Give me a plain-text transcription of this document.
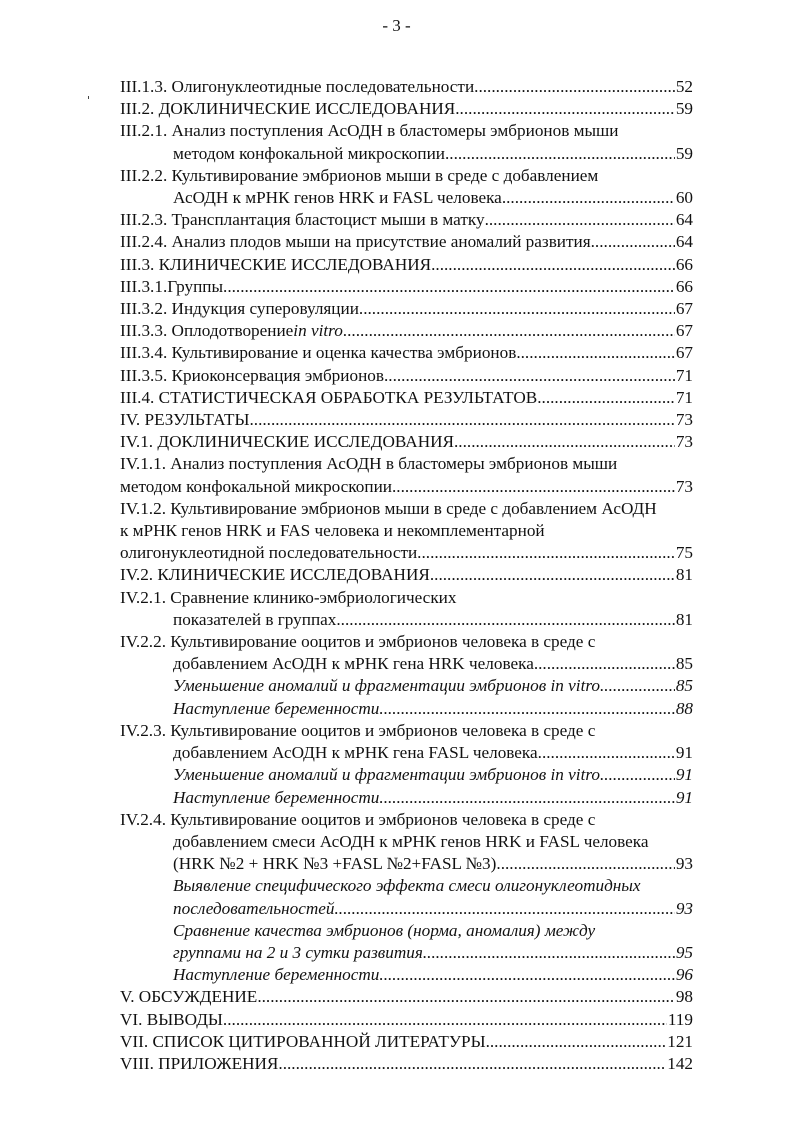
- 3 -
III.1.3. Олигонуклеотидные последовательности .....	52
III.2. ДОКЛИНИЧЕСКИЕ ИССЛЕДОВАНИЯ .....	59
III.2.1. Анализ поступления АсОДН в бластомеры эмбрионов мыши
методом конфокальной микроскопии .....	59
III.2.2. Культивирование эмбрионов мыши в среде с добавлением
АсОДН к мРНК генов HRK и FASL человека .....	60
III.2.3. Трансплантация бластоцист мыши в матку .....	64
III.2.4. Анализ плодов мыши на присутствие аномалий развития .....	64
III.3. КЛИНИЧЕСКИЕ ИССЛЕДОВАНИЯ .....	66
III.3.1.Группы .....	66
III.3.2. Индукция суперовуляции .....	67
III.3.3. Оплодотворение in vitro .....	67
III.3.4. Культивирование и оценка качества эмбрионов .....	67
III.3.5. Криоконсервация эмбрионов .....	71
III.4. СТАТИСТИЧЕСКАЯ ОБРАБОТКА РЕЗУЛЬТАТОВ .....	71
IV. РЕЗУЛЬТАТЫ .....	73
IV.1. ДОКЛИНИЧЕСКИЕ ИССЛЕДОВАНИЯ .....	73
IV.1.1. Анализ поступления АсОДН в бластомеры эмбрионов мыши
методом конфокальной микроскопии .....	73
IV.1.2. Культивирование эмбрионов мыши в среде с добавлением АсОДН
к мРНК генов HRK и FAS человека и некомплементарной
олигонуклеотидной последовательности .....	75
IV.2. КЛИНИЧЕСКИЕ ИССЛЕДОВАНИЯ .....	81
IV.2.1. Сравнение клинико-эмбриологических
показателей в группах .....	81
IV.2.2. Культивирование ооцитов и эмбрионов человека в среде с
добавлением АсОДН к мРНК гена HRK человека .....	85
Уменьшение аномалий и фрагментации эмбрионов in vitro .....	85
Наступление беременности .....	88
IV.2.3. Культивирование ооцитов и эмбрионов человека в среде с
добавлением АсОДН к мРНК гена FASL человека .....	91
Уменьшение аномалий и фрагментации эмбрионов in vitro .....	91
Наступление беременности .....	91
IV.2.4. Культивирование ооцитов и эмбрионов человека в среде с
добавлением смеси АсОДН к мРНК генов HRK и FASL человека
(HRK №2 + HRK №3 +FASL №2+FASL №3) .....	93
Выявление специфического эффекта смеси олигонуклеотидных
последовательностей .....	93
Сравнение качества эмбрионов (норма, аномалия) между
группами на 2 и 3 сутки развития .....	95
Наступление беременности .....	96
V. ОБСУЖДЕНИЕ .....	98
VI. ВЫВОДЫ .....	119
VII. СПИСОК ЦИТИРОВАННОЙ ЛИТЕРАТУРЫ .....	121
VIII. ПРИЛОЖЕНИЯ .....	142
